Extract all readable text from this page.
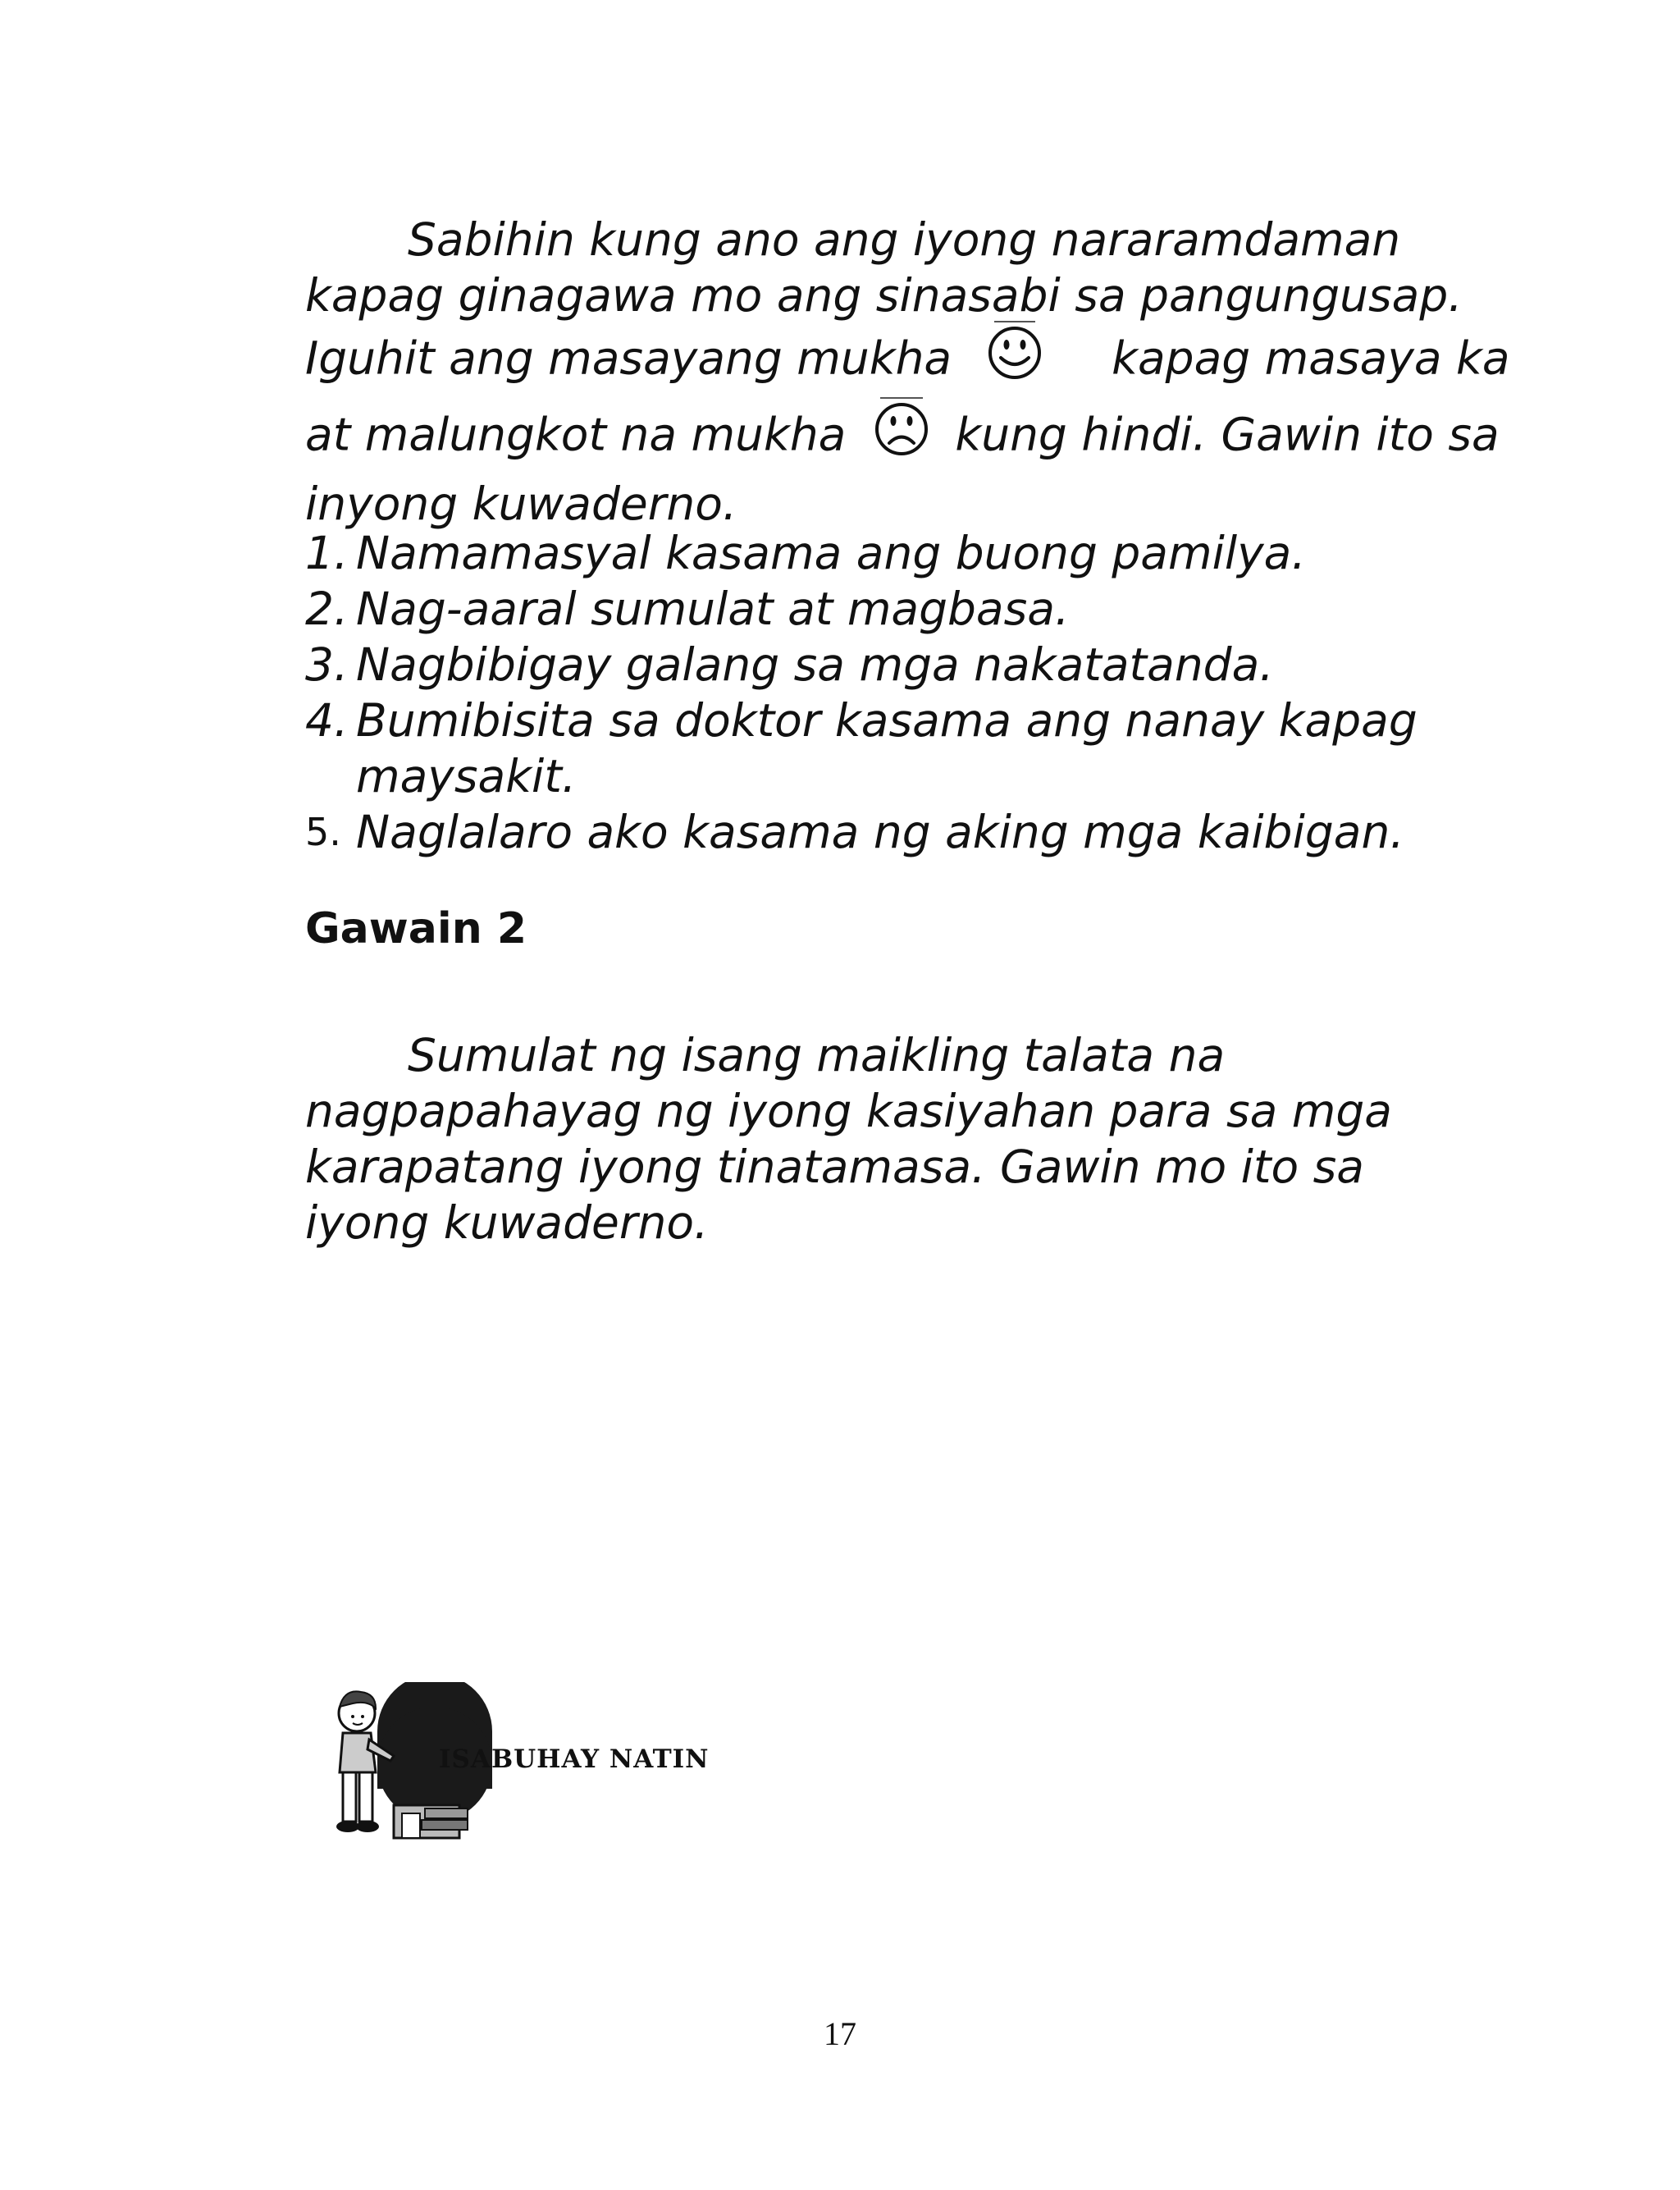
Sabihin kung ano ang iyong nararamdaman
kapag ginagawa mo ang sinasabi sa pangungusap.
Iguhit ang masayang mukha	kapag masaya ka
at malungkot na mukha kung hindi. Gawin ito sa
inyong kuwaderno.
1. Namamasyal kasama ang buong pamilya.
2. Nag-aaral sumulat at magbasa.
3. Nagbibigay galang sa mga nakatatanda.
4. Bumibisita sa doktor kasama ang nanay kapag
maysakit.
5. Naglalaro ako kasama ng aking mga kaibigan.
Gawain 2
Sumulat ng isang maikling talata na
nagpapahayag ng iyong kasiyahan para sa mga
karapatang iyong tinatamasa. Gawin mo ito sa
iyong kuwaderno.
ISABUHAY NATIN
17
